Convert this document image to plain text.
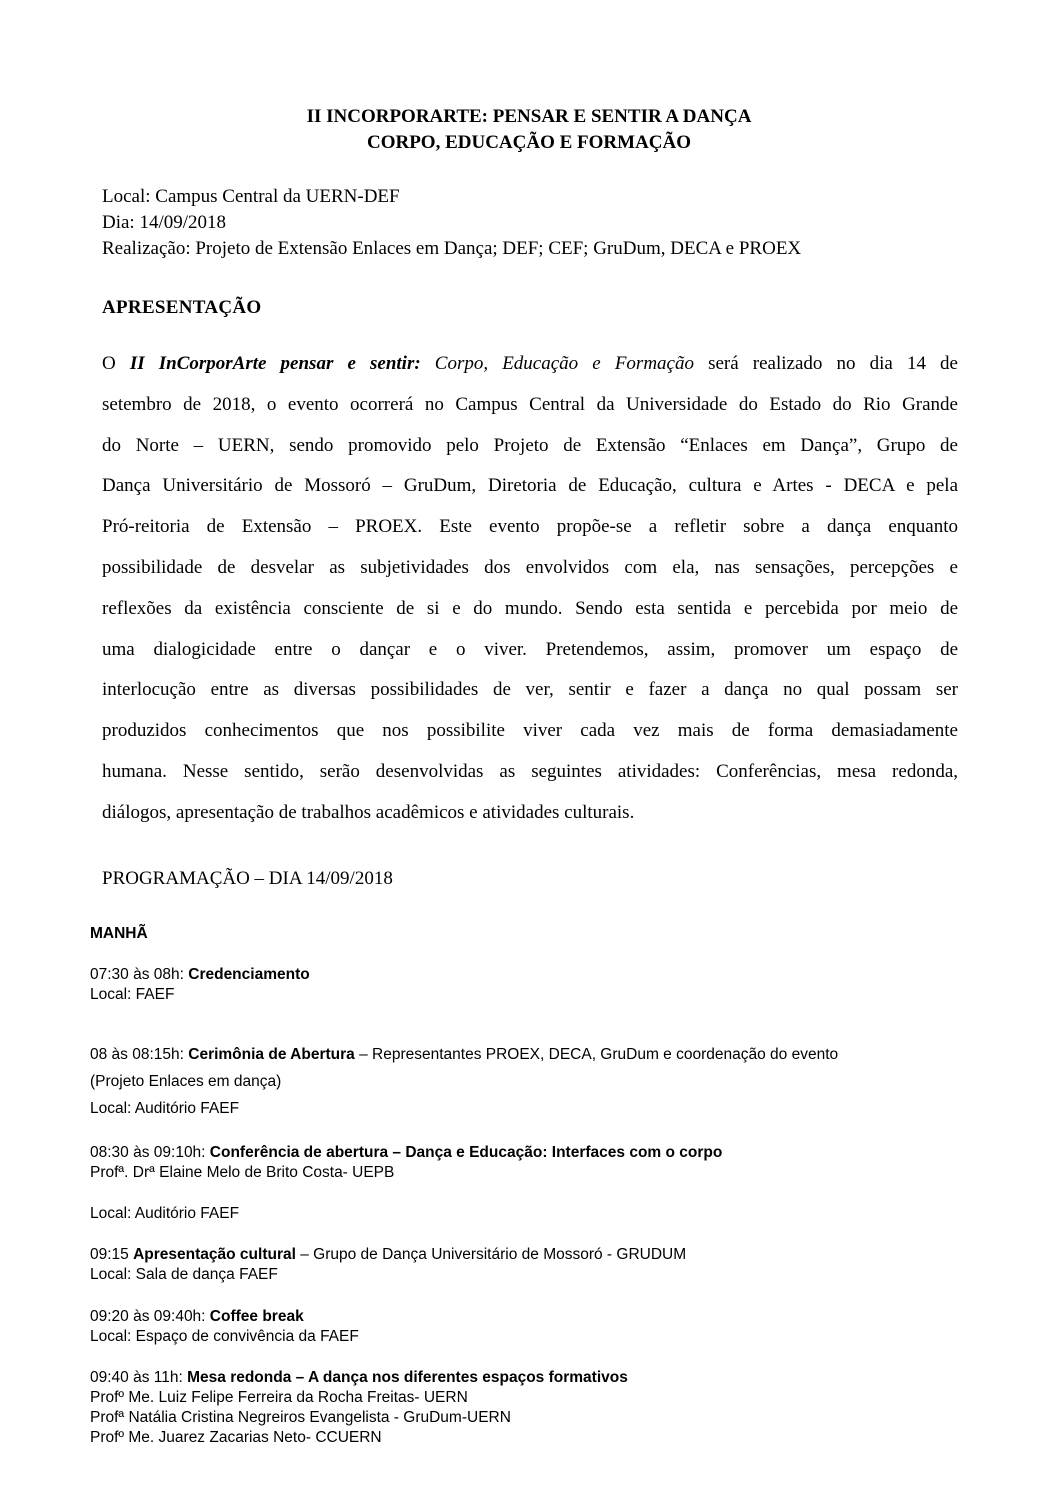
II INCORPORARTE: PENSAR E SENTIR A DANÇA
CORPO, EDUCAÇÃO E FORMAÇÃO
Local: Campus Central da UERN-DEF
Dia: 14/09/2018
Realização: Projeto de Extensão Enlaces em Dança; DEF; CEF; GruDum, DECA e PROEX
APRESENTAÇÃO
O II InCorporArte pensar e sentir: Corpo, Educação e Formação será realizado no dia 14 de
setembro de 2018, o evento ocorrerá no Campus Central da Universidade do Estado do Rio Grande
do Norte – UERN, sendo promovido pelo Projeto de Extensão “Enlaces em Dança”, Grupo de
Dança Universitário de Mossoró – GruDum, Diretoria de Educação, cultura e Artes - DECA e pela
Pró-reitoria de Extensão – PROEX. Este evento propõe-se a refletir sobre a dança enquanto
possibilidade de desvelar as subjetividades dos envolvidos com ela, nas sensações, percepções e
reflexões da existência consciente de si e do mundo. Sendo esta sentida e percebida por meio de
uma dialogicidade entre o dançar e o viver. Pretendemos, assim, promover um espaço de
interlocução entre as diversas possibilidades de ver, sentir e fazer a dança no qual possam ser
produzidos conhecimentos que nos possibilite viver cada vez mais de forma demasiadamente
humana. Nesse sentido, serão desenvolvidas as seguintes atividades: Conferências, mesa redonda,
diálogos, apresentação de trabalhos acadêmicos e atividades culturais.
PROGRAMAÇÃO – DIA 14/09/2018
MANHÃ
07:30 às 08h: Credenciamento
Local: FAEF
08 às 08:15h: Cerimônia de Abertura – Representantes PROEX, DECA, GruDum e coordenação do evento
(Projeto Enlaces em dança)
Local: Auditório FAEF
08:30 às 09:10h: Conferência de abertura – Dança e Educação: Interfaces com o corpo
Profª. Drª Elaine Melo de Brito Costa- UEPB
Local: Auditório FAEF
09:15 Apresentação cultural – Grupo de Dança Universitário de Mossoró - GRUDUM
Local: Sala de dança FAEF
09:20 às 09:40h: Coffee break
Local: Espaço de convivência da FAEF
09:40 às 11h: Mesa redonda – A dança nos diferentes espaços formativos
Profº Me. Luiz Felipe Ferreira da Rocha Freitas- UERN
Profª Natália Cristina Negreiros Evangelista - GruDum-UERN
Profº Me. Juarez Zacarias Neto- CCUERN
